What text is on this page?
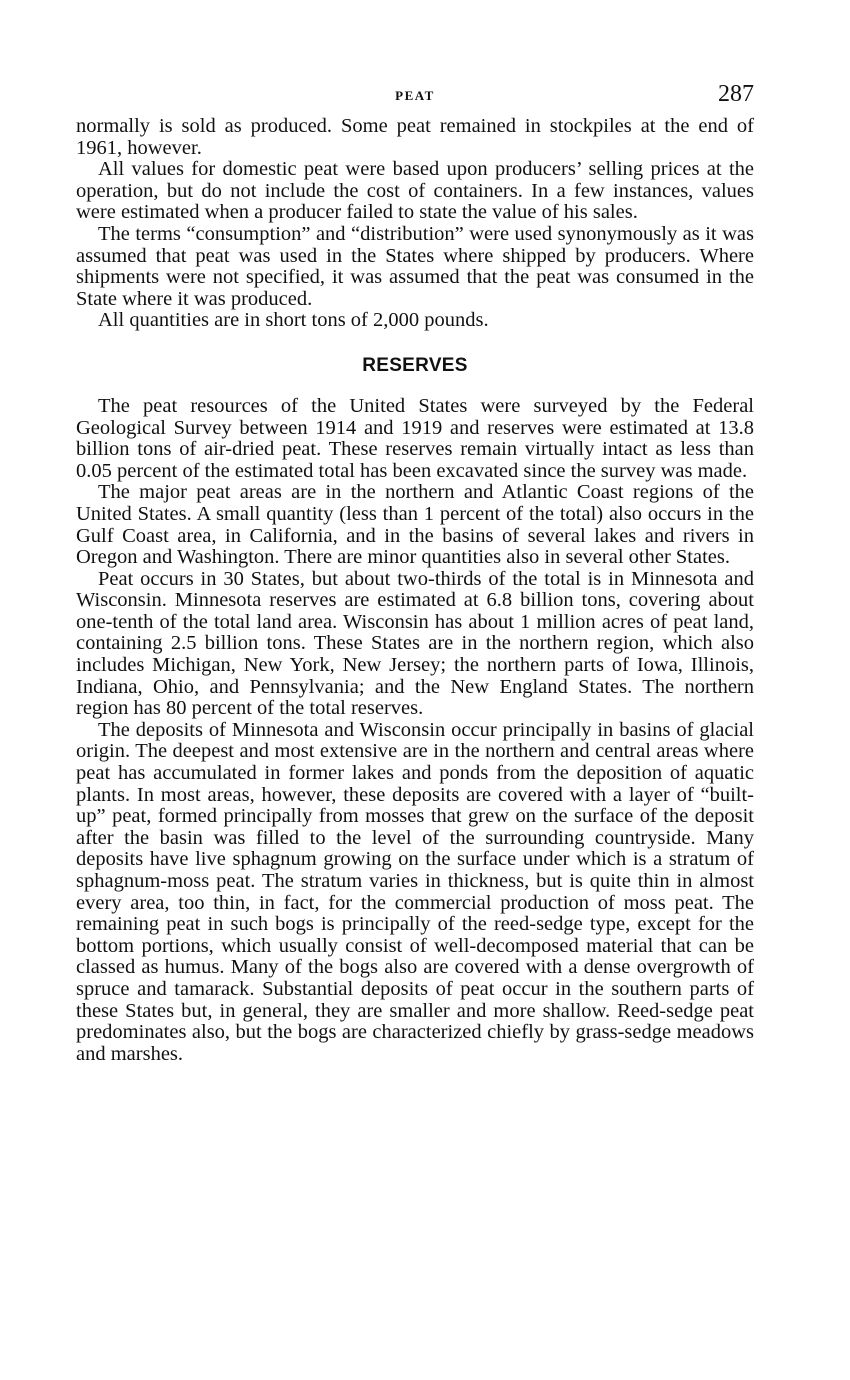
PEAT	287

normally is sold as produced. Some peat remained in stockpiles at the end of 1961, however.

All values for domestic peat were based upon producers’ selling prices at the operation, but do not include the cost of containers. In a few instances, values were estimated when a producer failed to state the value of his sales.

The terms “consumption” and “distribution” were used synonymously as it was assumed that peat was used in the States where shipped by producers. Where shipments were not specified, it was assumed that the peat was consumed in the State where it was produced.

All quantities are in short tons of 2,000 pounds.

RESERVES

The peat resources of the United States were surveyed by the Federal Geological Survey between 1914 and 1919 and reserves were estimated at 13.8 billion tons of air-dried peat. These reserves remain virtually intact as less than 0.05 percent of the estimated total has been excavated since the survey was made.

The major peat areas are in the northern and Atlantic Coast regions of the United States. A small quantity (less than 1 percent of the total) also occurs in the Gulf Coast area, in California, and in the basins of several lakes and rivers in Oregon and Washington. There are minor quantities also in several other States.

Peat occurs in 30 States, but about two-thirds of the total is in Minnesota and Wisconsin. Minnesota reserves are estimated at 6.8 billion tons, covering about one-tenth of the total land area. Wisconsin has about 1 million acres of peat land, containing 2.5 billion tons. These States are in the northern region, which also includes Michigan, New York, New Jersey; the northern parts of Iowa, Illinois, Indiana, Ohio, and Pennsylvania; and the New England States. The northern region has 80 percent of the total reserves.

The deposits of Minnesota and Wisconsin occur principally in basins of glacial origin. The deepest and most extensive are in the northern and central areas where peat has accumulated in former lakes and ponds from the deposition of aquatic plants. In most areas, however, these deposits are covered with a layer of “built-up” peat, formed principally from mosses that grew on the surface of the deposit after the basin was filled to the level of the surrounding countryside. Many deposits have live sphagnum growing on the surface under which is a stratum of sphagnum-moss peat. The stratum varies in thickness, but is quite thin in almost every area, too thin, in fact, for the commercial production of moss peat. The remaining peat in such bogs is principally of the reed-sedge type, except for the bottom portions, which usually consist of well-decomposed material that can be classed as humus. Many of the bogs also are covered with a dense overgrowth of spruce and tamarack. Substantial deposits of peat occur in the southern parts of these States but, in general, they are smaller and more shallow. Reed-sedge peat predominates also, but the bogs are characterized chiefly by grass-sedge meadows and marshes.
